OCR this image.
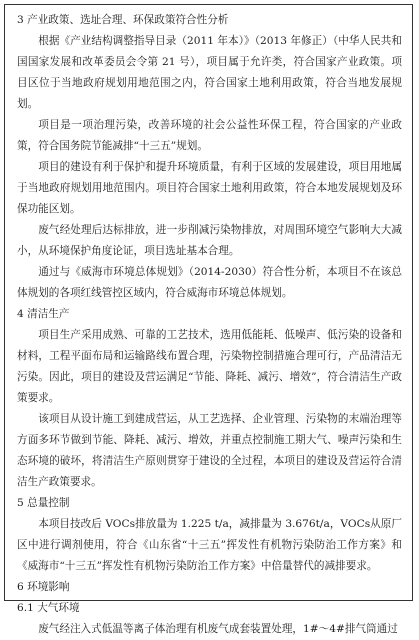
3 产业政策、选址合理、环保政策符合性分析

根据《产业结构调整指导目录（2011 年本）》（2013 年修正）（中华人民共和国国家发展和改革委员会令第 21 号），项目属于允许类，符合国家产业政策。项目区位于当地政府规划用地范围之内，符合国家土地利用政策，符合当地发展规划。

项目是一项治理污染，改善环境的社会公益性环保工程，符合国家的产业政策，符合国务院节能减排“十三五”规划。

项目的建设有利于保护和提升环境质量，有利于区域的发展建设，项目用地属于当地政府规划用地范围内。项目符合国家土地利用政策，符合本地发展规划及环保功能区划。

废气经处理后达标排放，进一步削减污染物排放，对周围环境空气影响大大减小，从环境保护角度论证，项目选址基本合理。

通过与《威海市环境总体规划》（2014-2030）符合性分析，本项目不在该总体规划的各项红线管控区域内，符合威海市环境总体规划。

4 清洁生产

项目生产采用成熟、可靠的工艺技术，选用低能耗、低噪声、低污染的设备和材料，工程平面布局和运输路线布置合理，污染物控制措施合理可行，产品清洁无污染。因此，项目的建设及营运满足“节能、降耗、减污、增效”，符合清洁生产政策要求。

该项目从设计施工到建成营运，从工艺选择、企业管理、污染物的末端治理等方面多环节做到节能、降耗、减污、增效，并重点控制施工期大气、噪声污染和生态环境的破坏，将清洁生产原则贯穿于建设的全过程，本项目的建设及营运符合清洁生产政策要求。

5 总量控制

本项目技改后 VOCs排放量为 1.225 t/a，减排量为 3.676t/a，VOCs从原厂区中进行调剂使用，符合《山东省“十三五”挥发性有机物污染防治工作方案》和《威海市“十三五”挥发性有机物污染防治工作方案》中倍量替代的减排要求。

6 环境影响

6.1 大气环境

废气经注入式低温等离子体治理有机废气成套装置处理，1#～4#排气筒通过
